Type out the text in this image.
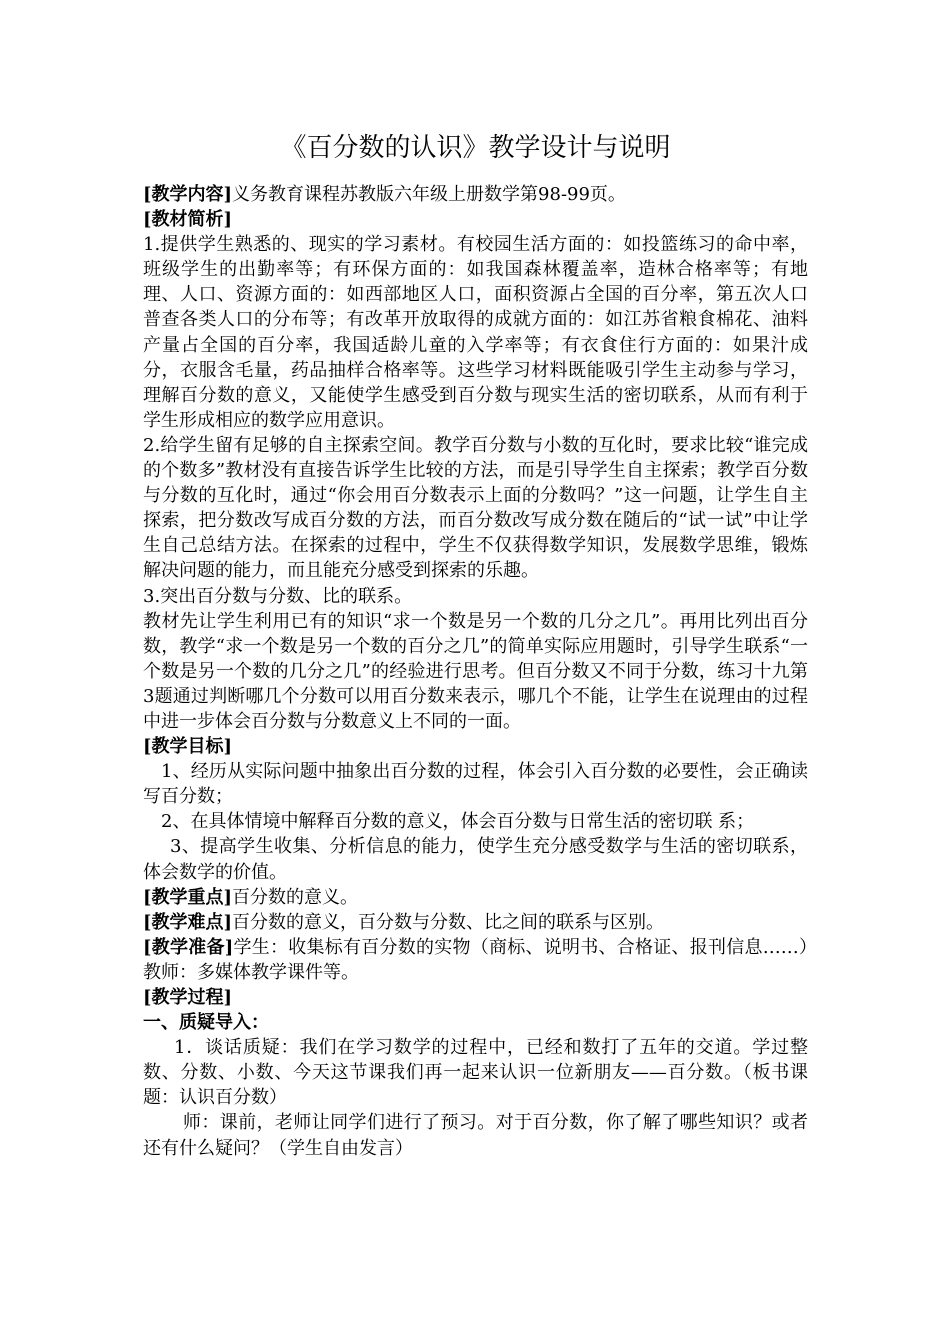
《百分数的认识》教学设计与说明

[教学内容]义务教育课程苏教版六年级上册数学第98-99页。

[教材简析]

1.提供学生熟悉的、现实的学习素材。有校园生活方面的：如投篮练习的命中率，班级学生的出勤率等；有环保方面的：如我国森林覆盖率，造林合格率等；有地理、人口、资源方面的：如西部地区人口，面积资源占全国的百分率，第五次人口普查各类人口的分布等；有改革开放取得的成就方面的：如江苏省粮食棉花、油料产量占全国的百分率，我国适龄儿童的入学率等；有衣食住行方面的：如果汁成分，衣服含毛量，药品抽样合格率等。这些学习材料既能吸引学生主动参与学习，理解百分数的意义，又能使学生感受到百分数与现实生活的密切联系，从而有利于学生形成相应的数学应用意识。

2.给学生留有足够的自主探索空间。教学百分数与小数的互化时，要求比较“谁完成的个数多”教材没有直接告诉学生比较的方法，而是引导学生自主探索；教学百分数与分数的互化时，通过“你会用百分数表示上面的分数吗？”这一问题，让学生自主探索，把分数改写成百分数的方法，而百分数改写成分数在随后的“试一试”中让学生自己总结方法。在探索的过程中，学生不仅获得数学知识，发展数学思维，锻炼解决问题的能力，而且能充分感受到探索的乐趣。

3.突出百分数与分数、比的联系。

教材先让学生利用已有的知识“求一个数是另一个数的几分之几”。再用比列出百分数，教学“求一个数是另一个数的百分之几”的简单实际应用题时，引导学生联系“一个数是另一个数的几分之几”的经验进行思考。但百分数又不同于分数，练习十九第3题通过判断哪几个分数可以用百分数来表示，哪几个不能，让学生在说理由的过程中进一步体会百分数与分数意义上不同的一面。

[教学目标]

1、经历从实际问题中抽象出百分数的过程，体会引入百分数的必要性，会正确读写百分数；

2、在具体情境中解释百分数的意义，体会百分数与日常生活的密切联 系；

3、提高学生收集、分析信息的能力，使学生充分感受数学与生活的密切联系，体会数学的价值。

[教学重点]百分数的意义。

[教学难点]百分数的意义，百分数与分数、比之间的联系与区别。

[教学准备]学生：收集标有百分数的实物（商标、说明书、合格证、报刊信息……）教师：多媒体教学课件等。

[教学过程]

一、质疑导入：

1．谈话质疑：我们在学习数学的过程中，已经和数打了五年的交道。学过整数、分数、小数、今天这节课我们再一起来认识一位新朋友——百分数。（板书课题：认识百分数）

师：课前，老师让同学们进行了预习。对于百分数，你了解了哪些知识？或者还有什么疑问？（学生自由发言）
